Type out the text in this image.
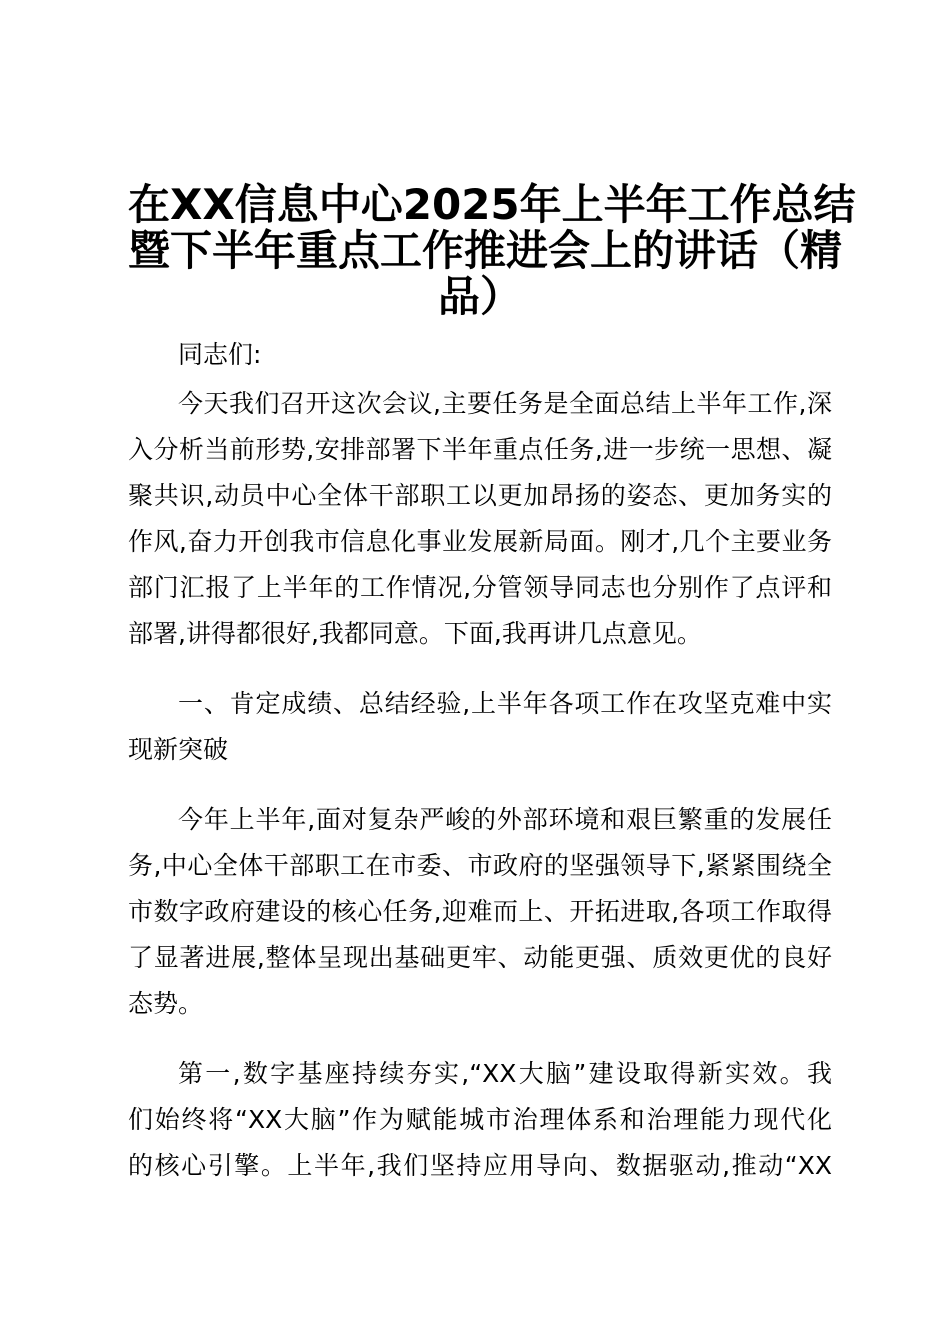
在XX信息中心2025年上半年工作总结
暨下半年重点工作推进会上的讲话（精
品）
同志们:
今天我们召开这次会议,主要任务是全面总结上半年工作,深
入分析当前形势,安排部署下半年重点任务,进一步统一思想、凝
聚共识,动员中心全体干部职工以更加昂扬的姿态、更加务实的
作风,奋力开创我市信息化事业发展新局面。刚才,几个主要业务
部门汇报了上半年的工作情况,分管领导同志也分别作了点评和
部署,讲得都很好,我都同意。下面,我再讲几点意见。
一、肯定成绩、总结经验,上半年各项工作在攻坚克难中实
现新突破
今年上半年,面对复杂严峻的外部环境和艰巨繁重的发展任
务,中心全体干部职工在市委、市政府的坚强领导下,紧紧围绕全
市数字政府建设的核心任务,迎难而上、开拓进取,各项工作取得
了显著进展,整体呈现出基础更牢、动能更强、质效更优的良好
态势。
第一,数字基座持续夯实,“XX大脑”建设取得新实效。我
们始终将“XX大脑”作为赋能城市治理体系和治理能力现代化
的核心引擎。上半年,我们坚持应用导向、数据驱动,推动“XX
